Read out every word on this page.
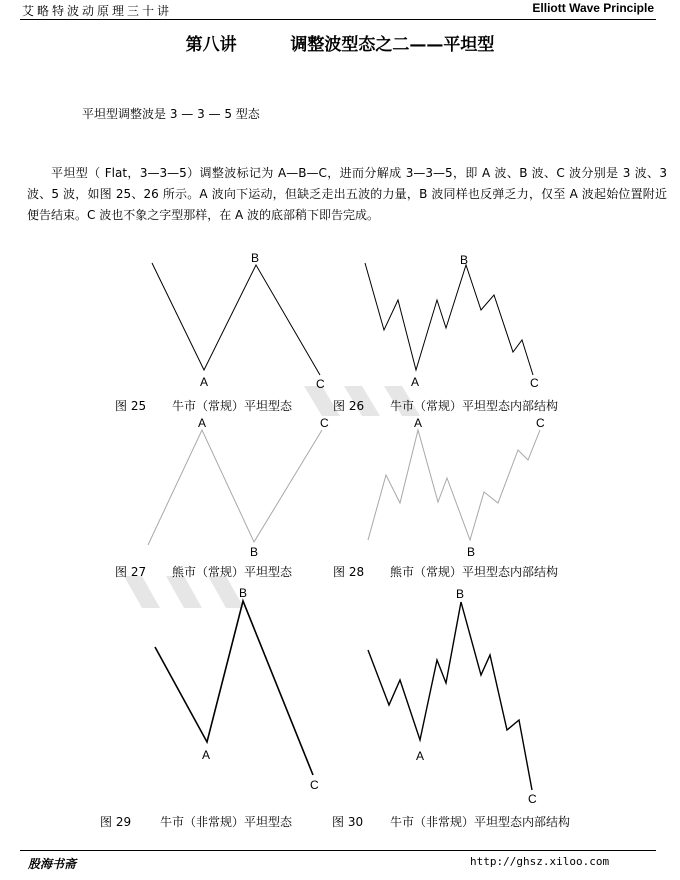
艾略特波动原理三十讲	Elliott Wave Principle
第八讲	调整波型态之二——平坦型
平坦型调整波是 3 — 3 — 5 型态
平坦型（ Flat，3—3—5）调整波标记为 A—B—C，进而分解成 3—3—5，即 A 波、B 波、C 波分别是 3 波、3 波、5 波，如图 25、26 所示。A 波向下运动，但缺乏走出五波的力量，B 波同样也反弹乏力，仅至 A 波起始位置附近便告结束。C 波也不象之字型那样，在 A 波的底部稍下即告完成。
A
B
C	A
B
C
A
B
C	A
B
C
A
B
C
A
B
C
图 25 牛市（常规）平坦型态	图 26 牛市（常规）平坦型态内部结构
图 27 熊市（常规）平坦型态	图 28 熊市（常规）平坦型态内部结构
图 29 牛市（非常规）平坦型态	图 30 牛市（非常规）平坦型态内部结构
股海书斋	http://ghsz.xiloo.com
